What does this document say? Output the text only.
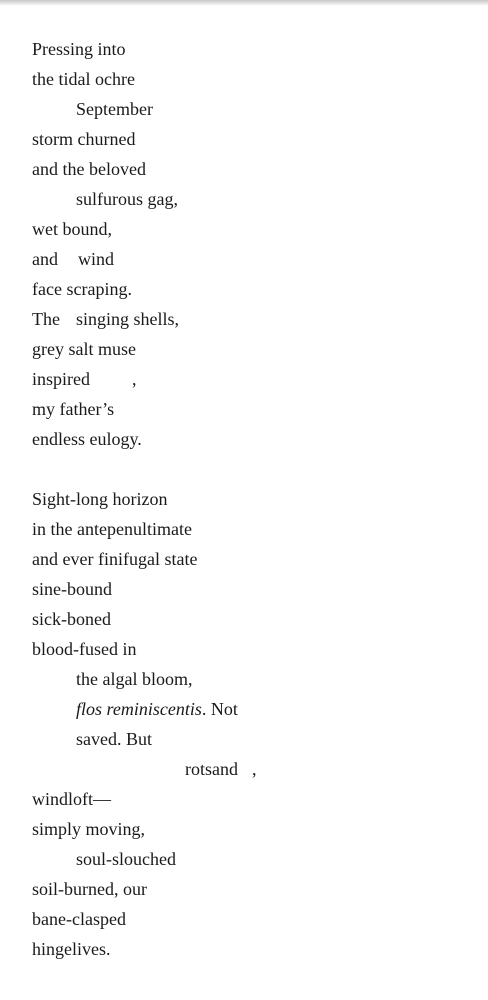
Pressing into
the tidal ochre
September
storm churned
and the beloved
sulfurous gag,
wet bound,
and wind
face scraping.
The singing shells,
grey salt muse
inspired ,
my father’s
endless eulogy.
Sight-long horizon
in the antepenultimate
and ever finifugal state
sine-bound
sick-boned
blood-fused in
the algal bloom,
flos reminiscentis. Not
saved. But
rotsand ,
windloft—
simply moving,
soul-slouched
soil-burned, our
bane-clasped
hingelives.
